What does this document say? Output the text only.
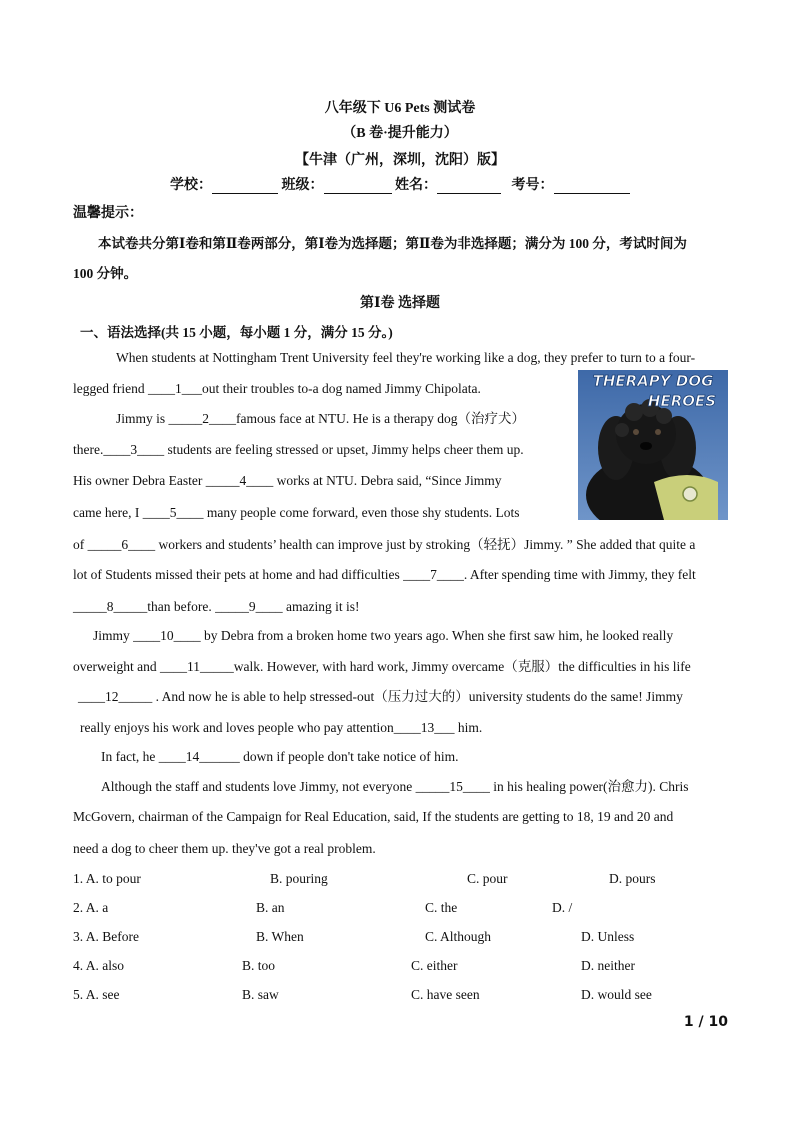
八年级下 U6 Pets 测试卷
（B 卷·提升能力）
【牛津（广州，深圳，沈阳）版】
学校：	班级：	姓名：	考号：
温馨提示：
本试卷共分第Ⅰ卷和第Ⅱ卷两部分，第Ⅰ卷为选择题；第Ⅱ卷为非选择题；满分为 100 分，考试时间为
100 分钟。
第Ⅰ卷 选择题
一、语法选择(共 15 小题，每小题 1 分，满分 15 分。)
When students at Nottingham Trent University feel they're working like a dog, they prefer to turn to a four-
legged friend ____1___out their troubles to-a dog named Jimmy Chipolata.
Jimmy is _____2____famous face at NTU. He is a therapy dog（治疗犬）
there.____3____ students are feeling stressed or upset, Jimmy helps cheer them up.
His owner Debra Easter _____4____ works at NTU. Debra said, “Since Jimmy
came here, I ____5____ many people come forward, even those shy students. Lots
of _____6____ workers and students’ health can improve just by stroking（轻抚）Jimmy. ” She added that quite a
lot of Students missed their pets at home and had difficulties ____7____. After spending time with Jimmy, they felt
_____8_____than before. _____9____ amazing it is!
Jimmy ____10____ by Debra from a broken home two years ago. When she first saw him, he looked really
overweight and ____11_____walk. However, with hard work, Jimmy overcame（克服）the difficulties in his life
____12_____ . And now he is able to help stressed-out（压力过大的）university students do the same! Jimmy
really enjoys his work and loves people who pay attention____13___ him.
In fact, he ____14______ down if people don't take notice of him.
Although the staff and students love Jimmy, not everyone _____15____ in his healing power(治愈力). Chris
McGovern, chairman of the Campaign for Real Education, said, If the students are getting to 18, 19 and 20 and
need a dog to cheer them up. they've got a real problem.
THERAPY DOG
HEROES
1. A. to pour	B. pouring	C. pour	D. pours
2. A. a	B. an	C. the	D. /
3. A. Before	B. When	C. Although	D. Unless
4. A. also	B. too	C. either	D. neither
5. A. see	B. saw	C. have seen	D. would see
1 / 10
